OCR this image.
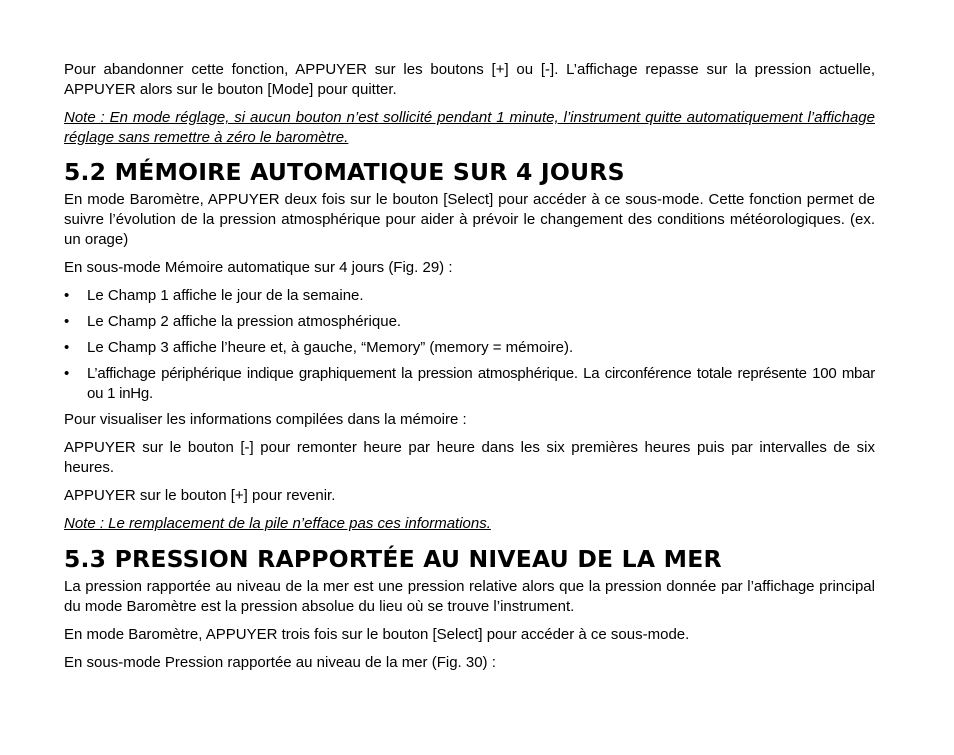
Pour abandonner cette fonction, APPUYER sur les boutons [+] ou [-]. L’affichage repasse sur la pression actuelle, APPUYER alors sur le bouton [Mode] pour quitter.

Note : En mode réglage, si aucun bouton n’est sollicité pendant 1 minute, l’instrument quitte automatiquement l’affichage réglage sans remettre à zéro le baromètre.

5.2 MÉMOIRE AUTOMATIQUE SUR 4 JOURS

En mode Baromètre, APPUYER deux fois sur le bouton [Select] pour accéder à ce sous-mode. Cette fonction permet de suivre l’évolution de la pression atmosphérique pour aider à prévoir le changement des conditions météorologiques. (ex. un orage)

En sous-mode Mémoire automatique sur 4 jours (Fig. 29) :

• Le Champ 1 affiche le jour de la semaine.
• Le Champ 2 affiche la pression atmosphérique.
• Le Champ 3 affiche l’heure et, à gauche, “Memory” (memory = mémoire).
• L’affichage périphérique indique graphiquement la pression atmosphérique. La circonférence totale représente 100 mbar ou 1 inHg.

Pour visualiser les informations compilées dans la mémoire :

APPUYER sur le bouton [-] pour remonter heure par heure dans les six premières heures puis par intervalles de six heures.

APPUYER sur le bouton [+] pour revenir.

Note : Le remplacement de la pile n’efface pas ces informations.

5.3 PRESSION RAPPORTÉE AU NIVEAU DE LA MER

La pression rapportée au niveau de la mer est une pression relative alors que la pression donnée par l’affichage principal du mode Baromètre est la pression absolue du lieu où se trouve l’instrument.

En mode Baromètre, APPUYER trois fois sur le bouton [Select] pour accéder à ce sous-mode.

En sous-mode Pression rapportée au niveau de la mer (Fig. 30) :
